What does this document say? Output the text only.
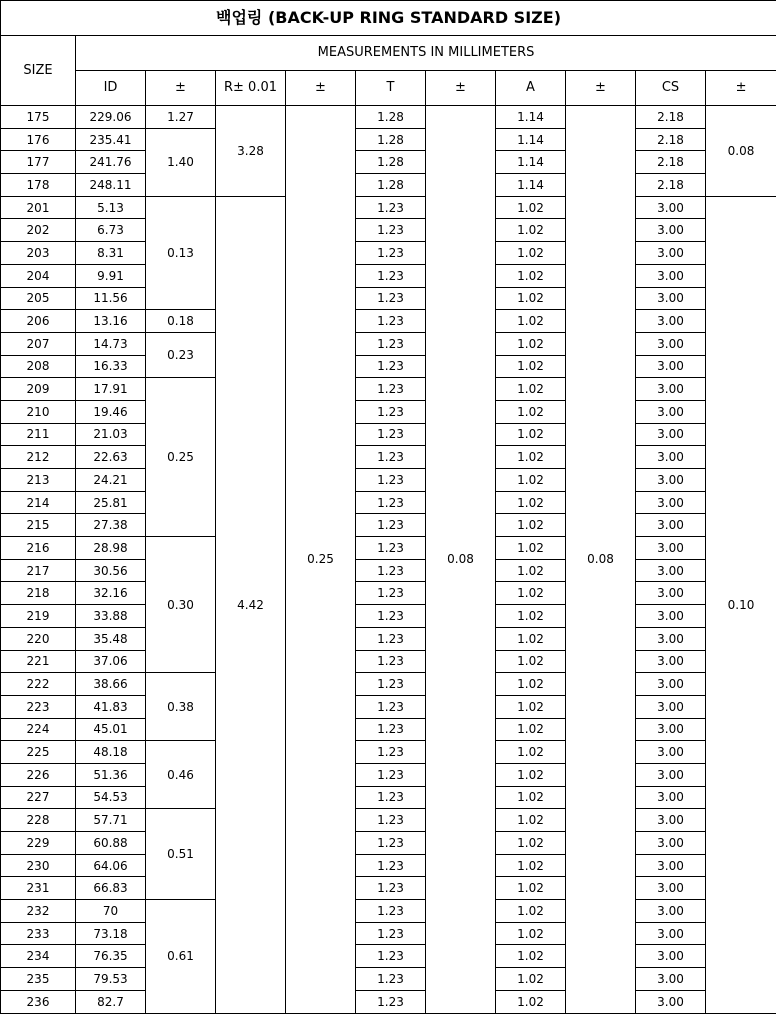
백업링 (BACK-UP RING STANDARD SIZE)										
SIZE	MEASUREMENTS IN MILLIMETERS									
	ID	±	R± 0.01	±	T	±	A	±	CS	±
175	229.06	1.27	3.28	0.25	1.28	0.08	1.14	0.08	2.18	0.08
176	235.41	1.40			1.28		1.14		2.18	
177	241.76				1.28		1.14		2.18	
178	248.11				1.28		1.14		2.18	
201	5.13	0.13	4.42		1.23		1.02		3.00	0.10
202	6.73				1.23		1.02		3.00	
203	8.31				1.23		1.02		3.00	
204	9.91				1.23		1.02		3.00	
205	11.56				1.23		1.02		3.00	
206	13.16	0.18			1.23		1.02		3.00	
207	14.73	0.23			1.23		1.02		3.00	
208	16.33				1.23		1.02		3.00	
209	17.91	0.25			1.23		1.02		3.00	
210	19.46				1.23		1.02		3.00	
211	21.03				1.23		1.02		3.00	
212	22.63				1.23		1.02		3.00	
213	24.21				1.23		1.02		3.00	
214	25.81				1.23		1.02		3.00	
215	27.38				1.23		1.02		3.00	
216	28.98	0.30			1.23		1.02		3.00	
217	30.56				1.23		1.02		3.00	
218	32.16				1.23		1.02		3.00	
219	33.88				1.23		1.02		3.00	
220	35.48				1.23		1.02		3.00	
221	37.06				1.23		1.02		3.00	
222	38.66	0.38			1.23		1.02		3.00	
223	41.83				1.23		1.02		3.00	
224	45.01				1.23		1.02		3.00	
225	48.18	0.46			1.23		1.02		3.00	
226	51.36				1.23		1.02		3.00	
227	54.53				1.23		1.02		3.00	
228	57.71	0.51			1.23		1.02		3.00	
229	60.88				1.23		1.02		3.00	
230	64.06				1.23		1.02		3.00	
231	66.83				1.23		1.02		3.00	
232	70	0.61			1.23		1.02		3.00	
233	73.18				1.23		1.02		3.00	
234	76.35				1.23		1.02		3.00	
235	79.53				1.23		1.02		3.00	
236	82.7				1.23		1.02		3.00	
